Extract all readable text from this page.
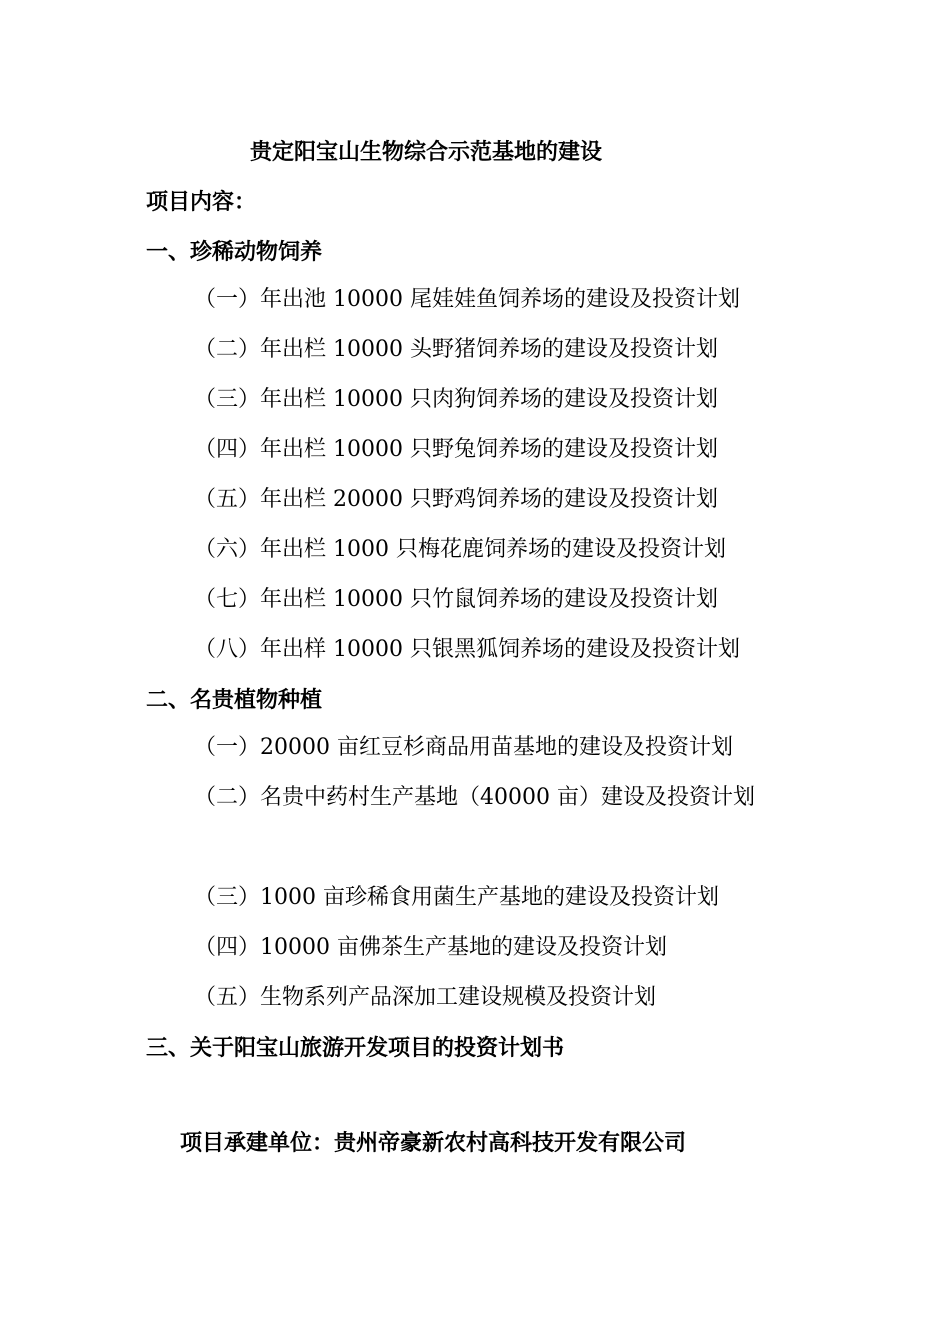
贵定阳宝山生物综合示范基地的建设
项目内容：
一、珍稀动物饲养
（一）年出池 10000 尾娃娃鱼饲养场的建设及投资计划
（二）年出栏 10000 头野猪饲养场的建设及投资计划
（三）年出栏 10000 只肉狗饲养场的建设及投资计划
（四）年出栏 10000 只野兔饲养场的建设及投资计划
（五）年出栏 20000 只野鸡饲养场的建设及投资计划
（六）年出栏 1000 只梅花鹿饲养场的建设及投资计划
（七）年出栏 10000 只竹鼠饲养场的建设及投资计划
（八）年出样 10000 只银黑狐饲养场的建设及投资计划
二、名贵植物种植
（一）20000 亩红豆杉商品用苗基地的建设及投资计划
（二）名贵中药村生产基地（40000 亩）建设及投资计划
（三）1000 亩珍稀食用菌生产基地的建设及投资计划
（四）10000 亩佛茶生产基地的建设及投资计划
（五）生物系列产品深加工建设规模及投资计划
三、关于阳宝山旅游开发项目的投资计划书
项目承建单位：贵州帝豪新农村高科技开发有限公司
